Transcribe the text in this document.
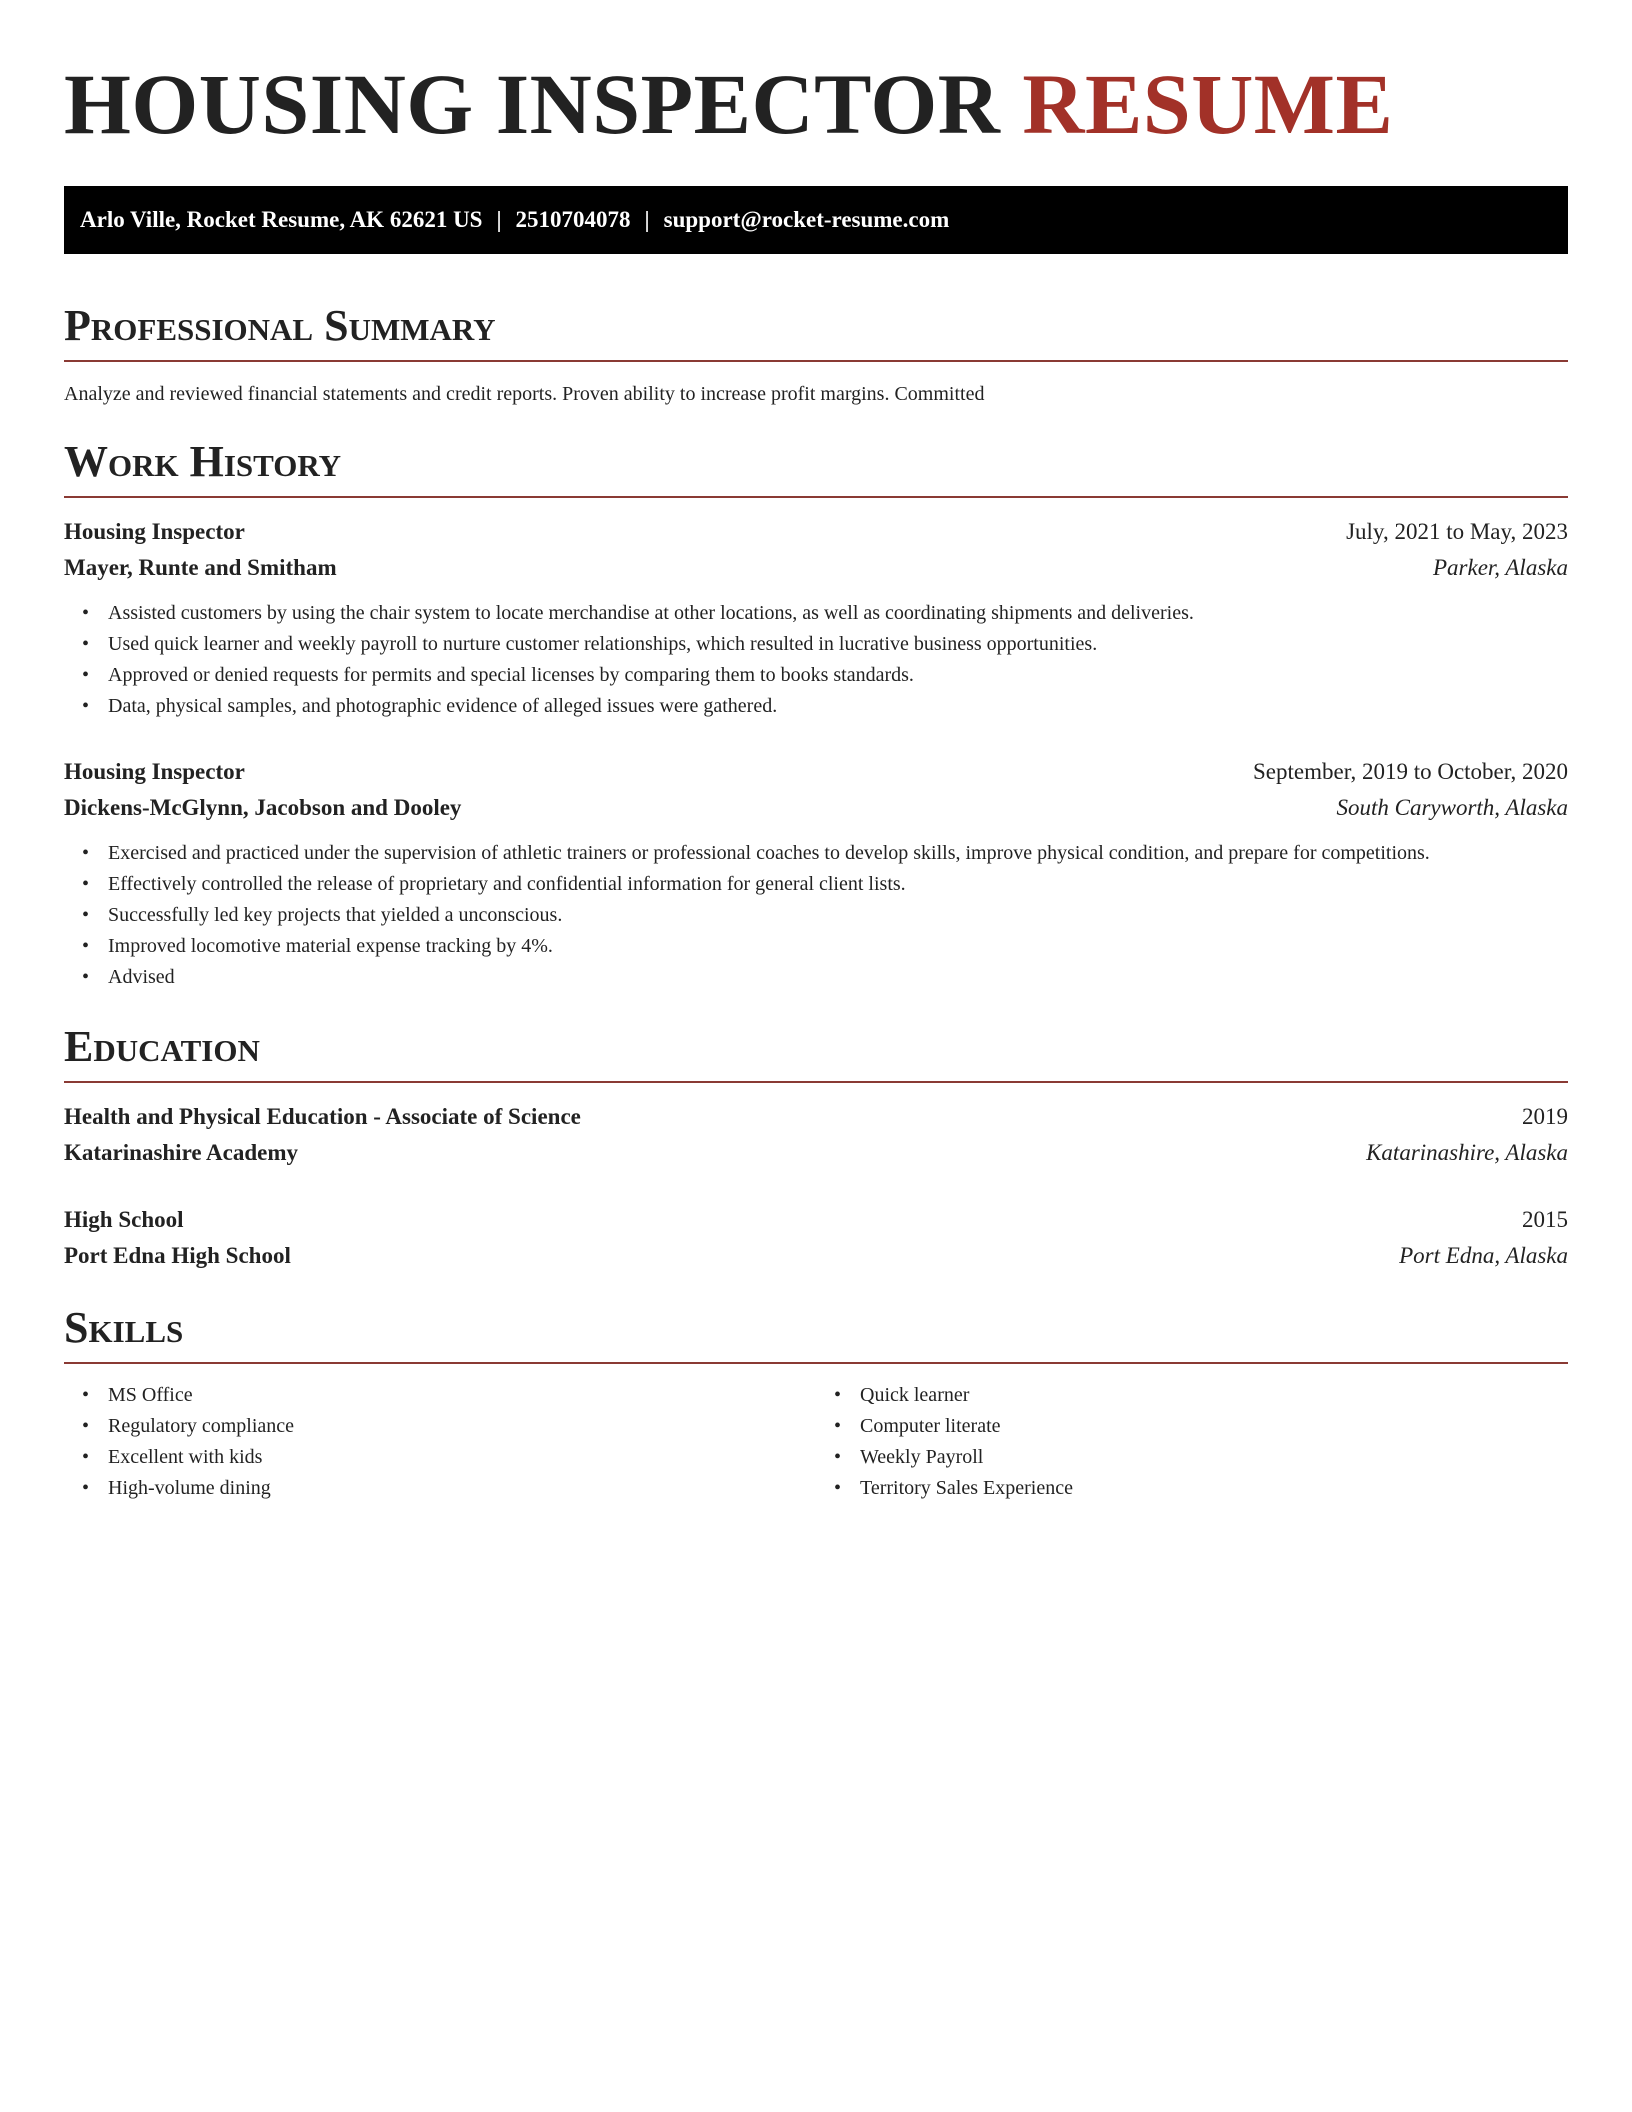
HOUSING INSPECTOR RESUME
Arlo Ville, Rocket Resume, AK 62621 US | 2510704078 | support@rocket-resume.com
Professional Summary

Analyze and reviewed financial statements and credit reports. Proven ability to increase profit margins. Committed

Work History
Housing Inspector	July, 2021 to May, 2023
Mayer, Runte and Smitham	Parker, Alaska
• Assisted customers by using the chair system to locate merchandise at other locations, as well as coordinating shipments and deliveries.
• Used quick learner and weekly payroll to nurture customer relationships, which resulted in lucrative business opportunities.
• Approved or denied requests for permits and special licenses by comparing them to books standards.
• Data, physical samples, and photographic evidence of alleged issues were gathered.
Housing Inspector	September, 2019 to October, 2020
Dickens-McGlynn, Jacobson and Dooley	South Caryworth, Alaska
• Exercised and practiced under the supervision of athletic trainers or professional coaches to develop skills, improve physical condition, and prepare for competitions.
• Effectively controlled the release of proprietary and confidential information for general client lists.
• Successfully led key projects that yielded a unconscious.
• Improved locomotive material expense tracking by 4%.
• Advised
Education
Health and Physical Education - Associate of Science	2019
Katarinashire Academy	Katarinashire, Alaska
High School	2015
Port Edna High School	Port Edna, Alaska
Skills
• MS Office
• Regulatory compliance
• Excellent with kids
• High-volume dining
• Quick learner
• Computer literate
• Weekly Payroll
• Territory Sales Experience
